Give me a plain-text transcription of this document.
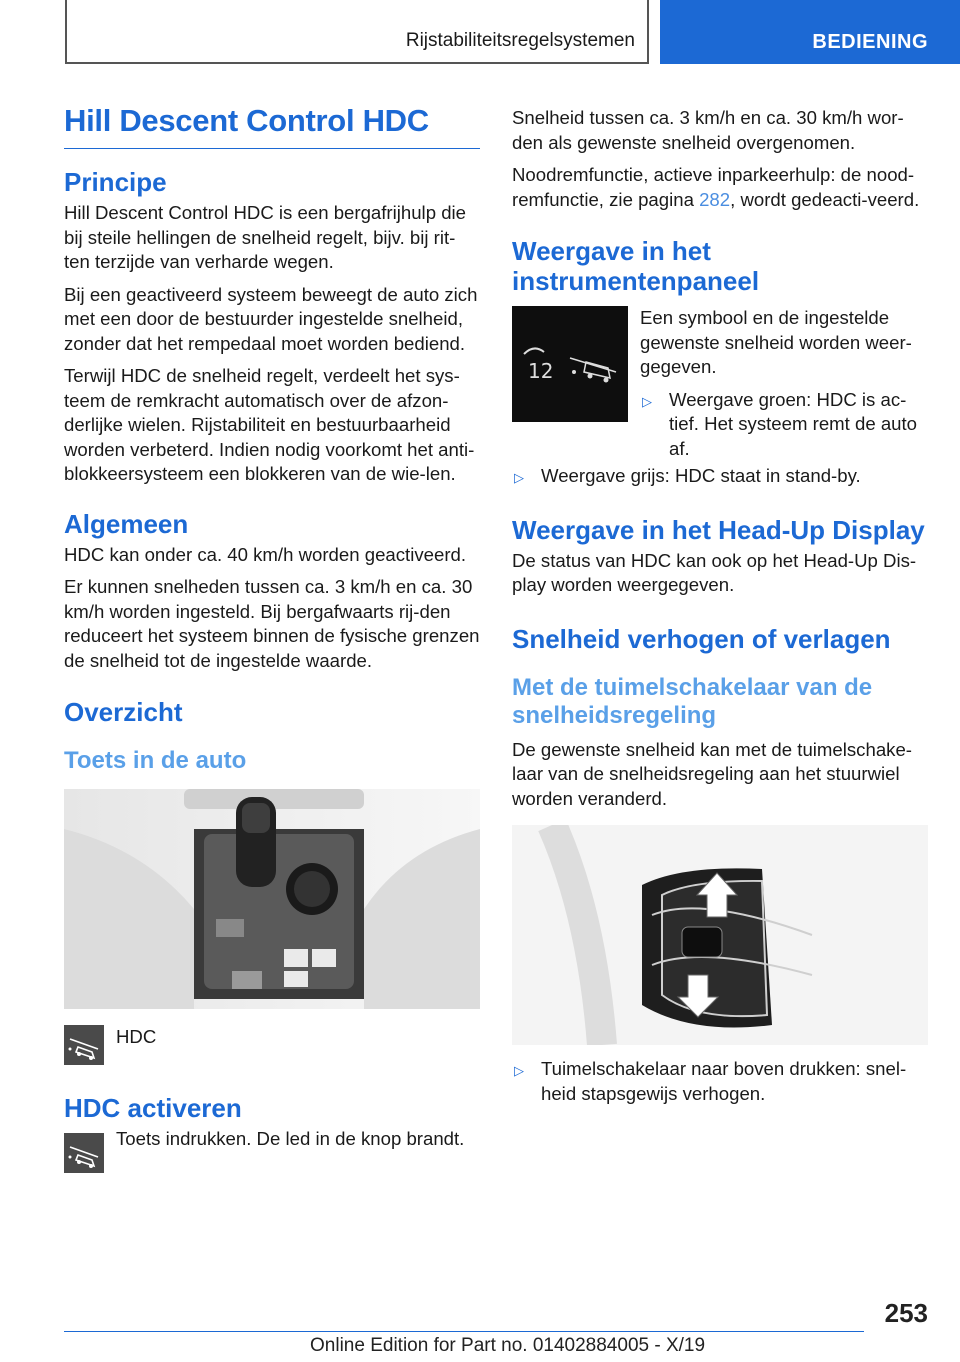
Rijstabiliteitsregelsystemen	BEDIENING
Hill Descent Control HDC
Principe

Hill Descent Control HDC is een bergafrijhulp die bij steile hellingen de snelheid regelt, bijv. bij rit-ten terzijde van verharde wegen.

Bij een geactiveerd systeem beweegt de auto zich met een door de bestuurder ingestelde snelheid, zonder dat het rempedaal moet worden bediend.

Terwijl HDC de snelheid regelt, verdeelt het sys-teem de remkracht automatisch over de afzon-derlijke wielen. Rijstabiliteit en bestuurbaarheid worden verbeterd. Indien nodig voorkomt het anti-blokkeersysteem een blokkeren van de wie-len.

Algemeen

HDC kan onder ca. 40 km/h worden geactiveerd.

Er kunnen snelheden tussen ca. 3 km/h en ca. 30 km/h worden ingesteld. Bij bergafwaarts rij-den reduceert het systeem binnen de fysische grenzen de snelheid tot de ingestelde waarde.

Overzicht
Toets in de auto
HDC
HDC activeren
Toets indrukken. De led in de knop brandt.

Snelheid tussen ca. 3 km/h en ca. 30 km/h wor-den als gewenste snelheid overgenomen.

Noodremfunctie, actieve inparkeerhulp: de nood-remfunctie, zie pagina 282, wordt gedeacti-veerd.

Weergave in het instrumentenpaneel
12

Een symbool en de ingestelde gewenste snelheid worden weer-gegeven.

▷ Weergave groen: HDC is ac-tief. Het systeem remt de auto af.
▷ Weergave grijs: HDC staat in stand-by.
Weergave in het Head-Up Display

De status van HDC kan ook op het Head-Up Dis-play worden weergegeven.

Snelheid verhogen of verlagen
Met de tuimelschakelaar van de snelheidsregeling

De gewenste snelheid kan met de tuimelschake-laar van de snelheidsregeling aan het stuurwiel worden veranderd.

▷ Tuimelschakelaar naar boven drukken: snel-heid stapsgewijs verhogen.
253
Online Edition for Part no. 01402884005 - X/19
